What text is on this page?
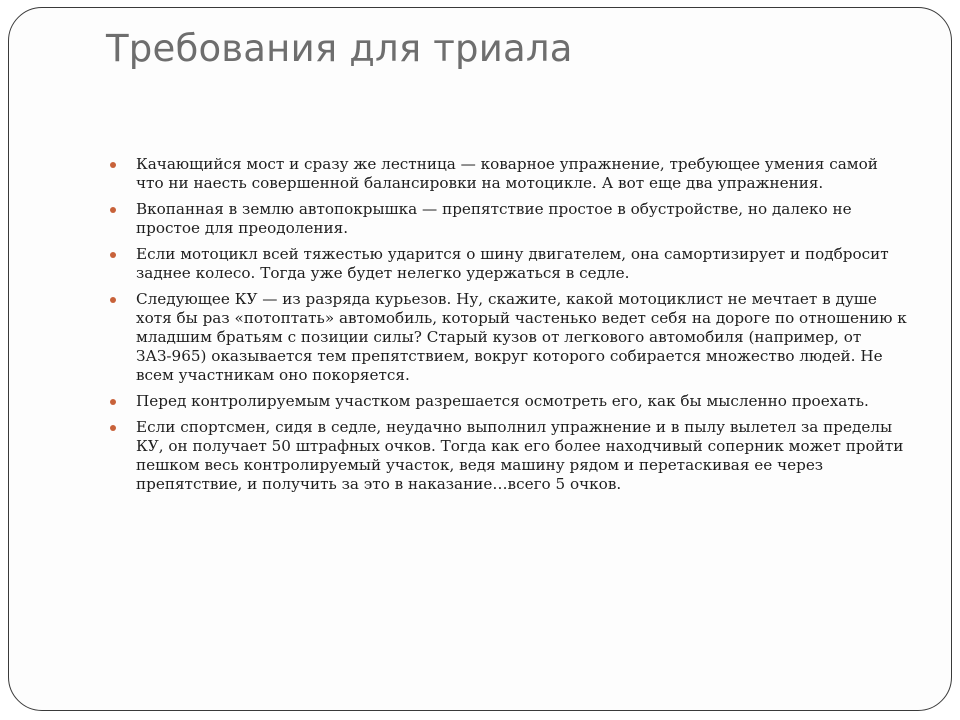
Требования для триала
Качающийся мост и сразу же лестница — коварное упражнение, требующее умения самой что ни наесть совершенной балансировки на мотоцикле. А вот еще два упражнения.
Вкопанная в землю автопокрышка — препятствие простое в обустройстве, но далеко не простое для преодоления.
Если мотоцикл всей тяжестью ударится о шину двигателем, она самортизирует и подбросит заднее колесо. Тогда уже будет нелегко удержаться в седле.
Следующее КУ — из разряда курьезов. Ну, скажите, какой мотоциклист не мечтает в душе хотя бы раз «потоптать» автомобиль, который частенько ведет себя на дороге по отношению к младшим братьям с позиции силы? Старый кузов от легкового автомобиля (например, от ЗАЗ-965) оказывается тем препятствием, вокруг которого собирается множество людей. Не всем участникам оно покоряется.
Перед контролируемым участком разрешается осмотреть его, как бы мысленно проехать.
Если спортсмен, сидя в седле, неудачно выполнил упражнение и в пылу вылетел за пределы КУ, он получает 50 штрафных очков. Тогда как его более находчивый соперник может пройти пешком весь контролируемый участок, ведя машину рядом и перетаскивая ее через препятствие, и получить за это в наказание…всего 5 очков.
